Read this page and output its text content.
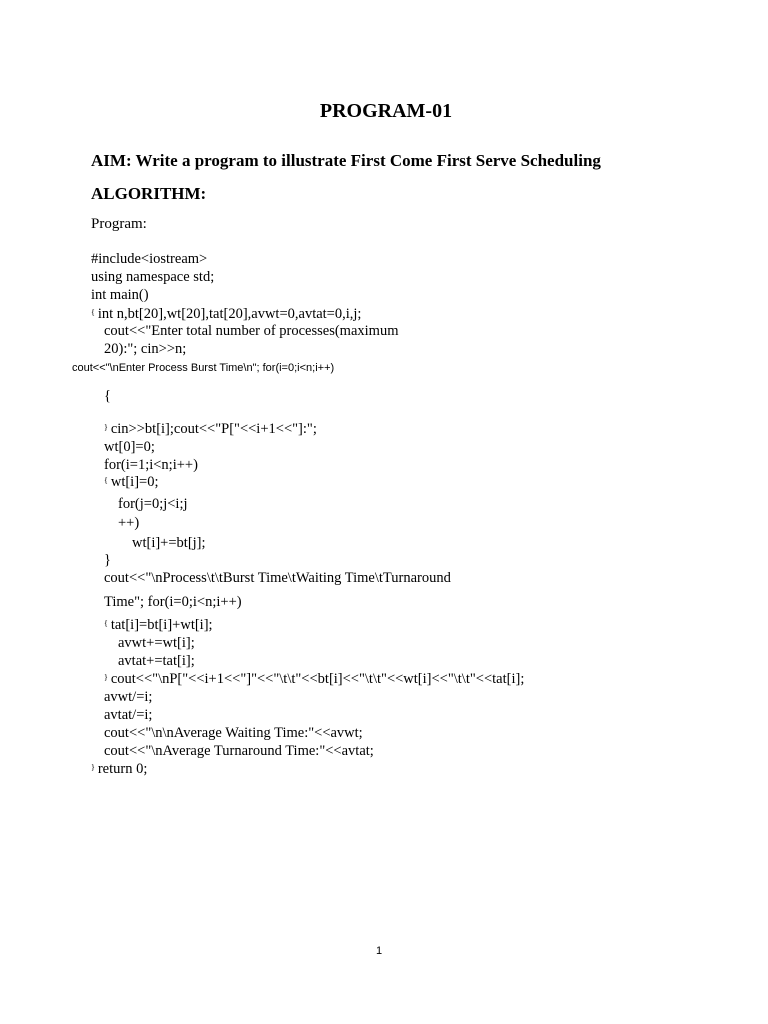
PROGRAM-01
AIM: Write a program to illustrate First Come First Serve Scheduling
ALGORITHM:

Program:

#include<iostream>
using namespace std;
int main()
{ int n,bt[20],wt[20],tat[20],avwt=0,avtat=0,i,j;
cout<<"Enter total number of processes(maximum
20):"; cin>>n;
cout<<"\nEnter Process Burst Time\n"; for(i=0;i<n;i++)
{
} cin>>bt[i];cout<<"P["<<i+1<<"]:";
wt[0]=0;
for(i=1;i<n;i++)
{ wt[i]=0;
for(j=0;j<i;j
++)
wt[i]+=bt[j];
}
cout<<"\nProcess\t\tBurst Time\tWaiting Time\tTurnaround
Time"; for(i=0;i<n;i++)
{ tat[i]=bt[i]+wt[i];
avwt+=wt[i];
avtat+=tat[i];
} cout<<"\nP["<<i+1<<"]"<<"\t\t"<<bt[i]<<"\t\t"<<wt[i]<<"\t\t"<<tat[i];
avwt/=i;
avtat/=i;
cout<<"\n\nAverage Waiting Time:"<<avwt;
cout<<"\nAverage Turnaround Time:"<<avtat;
} return 0;
1
